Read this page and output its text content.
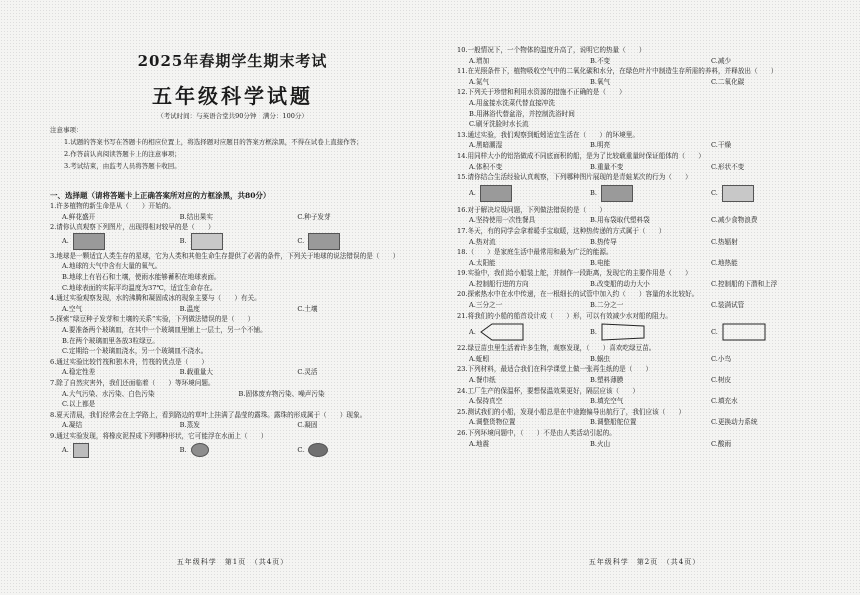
2025年春期学生期末考试
五年级科学试题
（考试时间：与英语合堂共90分钟　满分：100分）
注意事项：
1.试题的答案书写在答题卡的相应位置上，将选择题对应题目的答案方框涂黑，不得在试卷上直接作答；
2.作答前认真阅读答题卡上的注意事项；
3.考试结束，由监考人员将答题卡收回。
一、选择题（请将答题卡上正确答案所对应的方框涂黑，共80分）
1.许多植物的新生命是从（　　）开始的。
A.鲜花盛开	B.结出果实	C.种子发芽
2.请你认真观察下列图片，出现得相对较早的是（　　）
A.	B.	C.
3.地球是一颗适宜人类生存的星球，它为人类和其他生命生存提供了必需的条件，下列关于地球的说法错误的是（　　）
A.地球的大气中含有大量的氧气。
B.地球上有岩石和土壤，使雨水能够蓄积在地球表面。
C.地球表面的实际平均温度为37℃，适宜生命存在。
4.通过实验观察发现，水的沸腾和凝固成冰的现象主要与（　　）有关。
A.空气	B.温度	C.土壤
5.探索“绿豆种子发芽和土壤的关系”实验，下列做法错误的是（　　）
A.要准备两个玻璃皿，在其中一个玻璃皿里铺上一层土，另一个不铺。
B.在两个玻璃皿里各放3粒绿豆。
C.定期给一个玻璃皿浇水，另一个玻璃皿不浇水。
6.通过实验比较竹筏和独木舟，竹筏的优点是（　　）
A.稳定性差	B.载重量大	C.灵活
7.除了自然灾害外，我们还面临着（　　）等环境问题。
A.大气污染、水污染、白色污染	B.固体废弃物污染、噪声污染
C.以上都是
8.夏天清晨，我们经常会在上学路上，看到路边的草叶上挂满了晶莹的露珠。露珠的形成属于（　　）现象。
A.凝结	B.蒸发	C.凝固
9.通过实验发现，将橡皮泥捏成下列哪种形状，它可能浮在水面上（　　）
A.	B.	C.
五年级科学　第1页　（共4页）
10.一般情况下，一个物体的温度升高了，说明它的热量（　　）
A.增加	B.不变	C.减少
11.在光照条件下，植物吸收空气中的二氧化碳和水分，在绿色叶片中制造生存所需的养料，并释放出（　　）
A.氮气	B.氧气	C.二氧化碳
12.下列关于珍惜和利用水资源的措施不正确的是（　　）
A.用盆接水洗菜代替直接冲洗
B.用淋浴代替盆浴，并控制洗浴时间
C.刷牙洗脸时水长流
13.通过实验，我们观察到蚯蚓适宜生活在（　　）的环境里。
A.黑暗潮湿	B.明亮	C.干燥
14.用同样大小的铝箔做成不同底面积的船，是为了比较载重量时保证船体的（　　）
A.体积不变	B.重量不变	C.形状不变
15.请你结合生活经验认真观察，下列哪种图片展现的是青蛙某次的行为（　　）
A.	B.	C.
16.对于解决垃圾问题，下列做法错误的是（　　）
A.坚持使用一次性餐具	B.用布袋取代塑料袋	C.减少食物浪费
17.冬天，有的同学会拿着暖手宝取暖，这种热传递的方式属于（　　）
A.热对流	B.热传导	C.热辐射
18.（　　）是家庭生活中最常用和最为广泛的能源。
A.太阳能	B.电能	C.地热能
19.实验中，我们给小船装上舵，并制作一段距离，发现它的主要作用是（　　）
A.控制船行进的方向	B.改变船的动力大小	C.控制船的下潜和上浮
20.探索热水中在水中传递，在一根细长的试管中加入约（　　）容量的水比较好。
A.三分之一	B.二分之一	C.装满试管
21.将我们的小船的船首设计成（　　）形，可以有效减少水对船的阻力。
A.	B.	C.
22.绿豆苗虫里生活着许多生物，观察发现，（　　）喜欢吃绿豆苗。
A.蚯蚓	B.蜗虫	C.小鸟
23.下列材料，最适合我们在科学课堂上做一张再生纸的是（　　）
A.餐巾纸	B.塑料薄膜	C.树皮
24.工厂生产的保温杯，要想保温效果更好，隔层应该（　　）
A.保持真空	B.填充空气	C.填充水
25.测试我们的小船，发现小船总是在中途跑偏导出航行了，我们应该（　　）
A.调整货物位置	B.调整船舵位置	C.更换动力系统
26.下列环境问题中，（　　）不是由人类活动引起的。
A.地震	B.火山	C.酸雨
五年级科学　第2页　（共4页）
